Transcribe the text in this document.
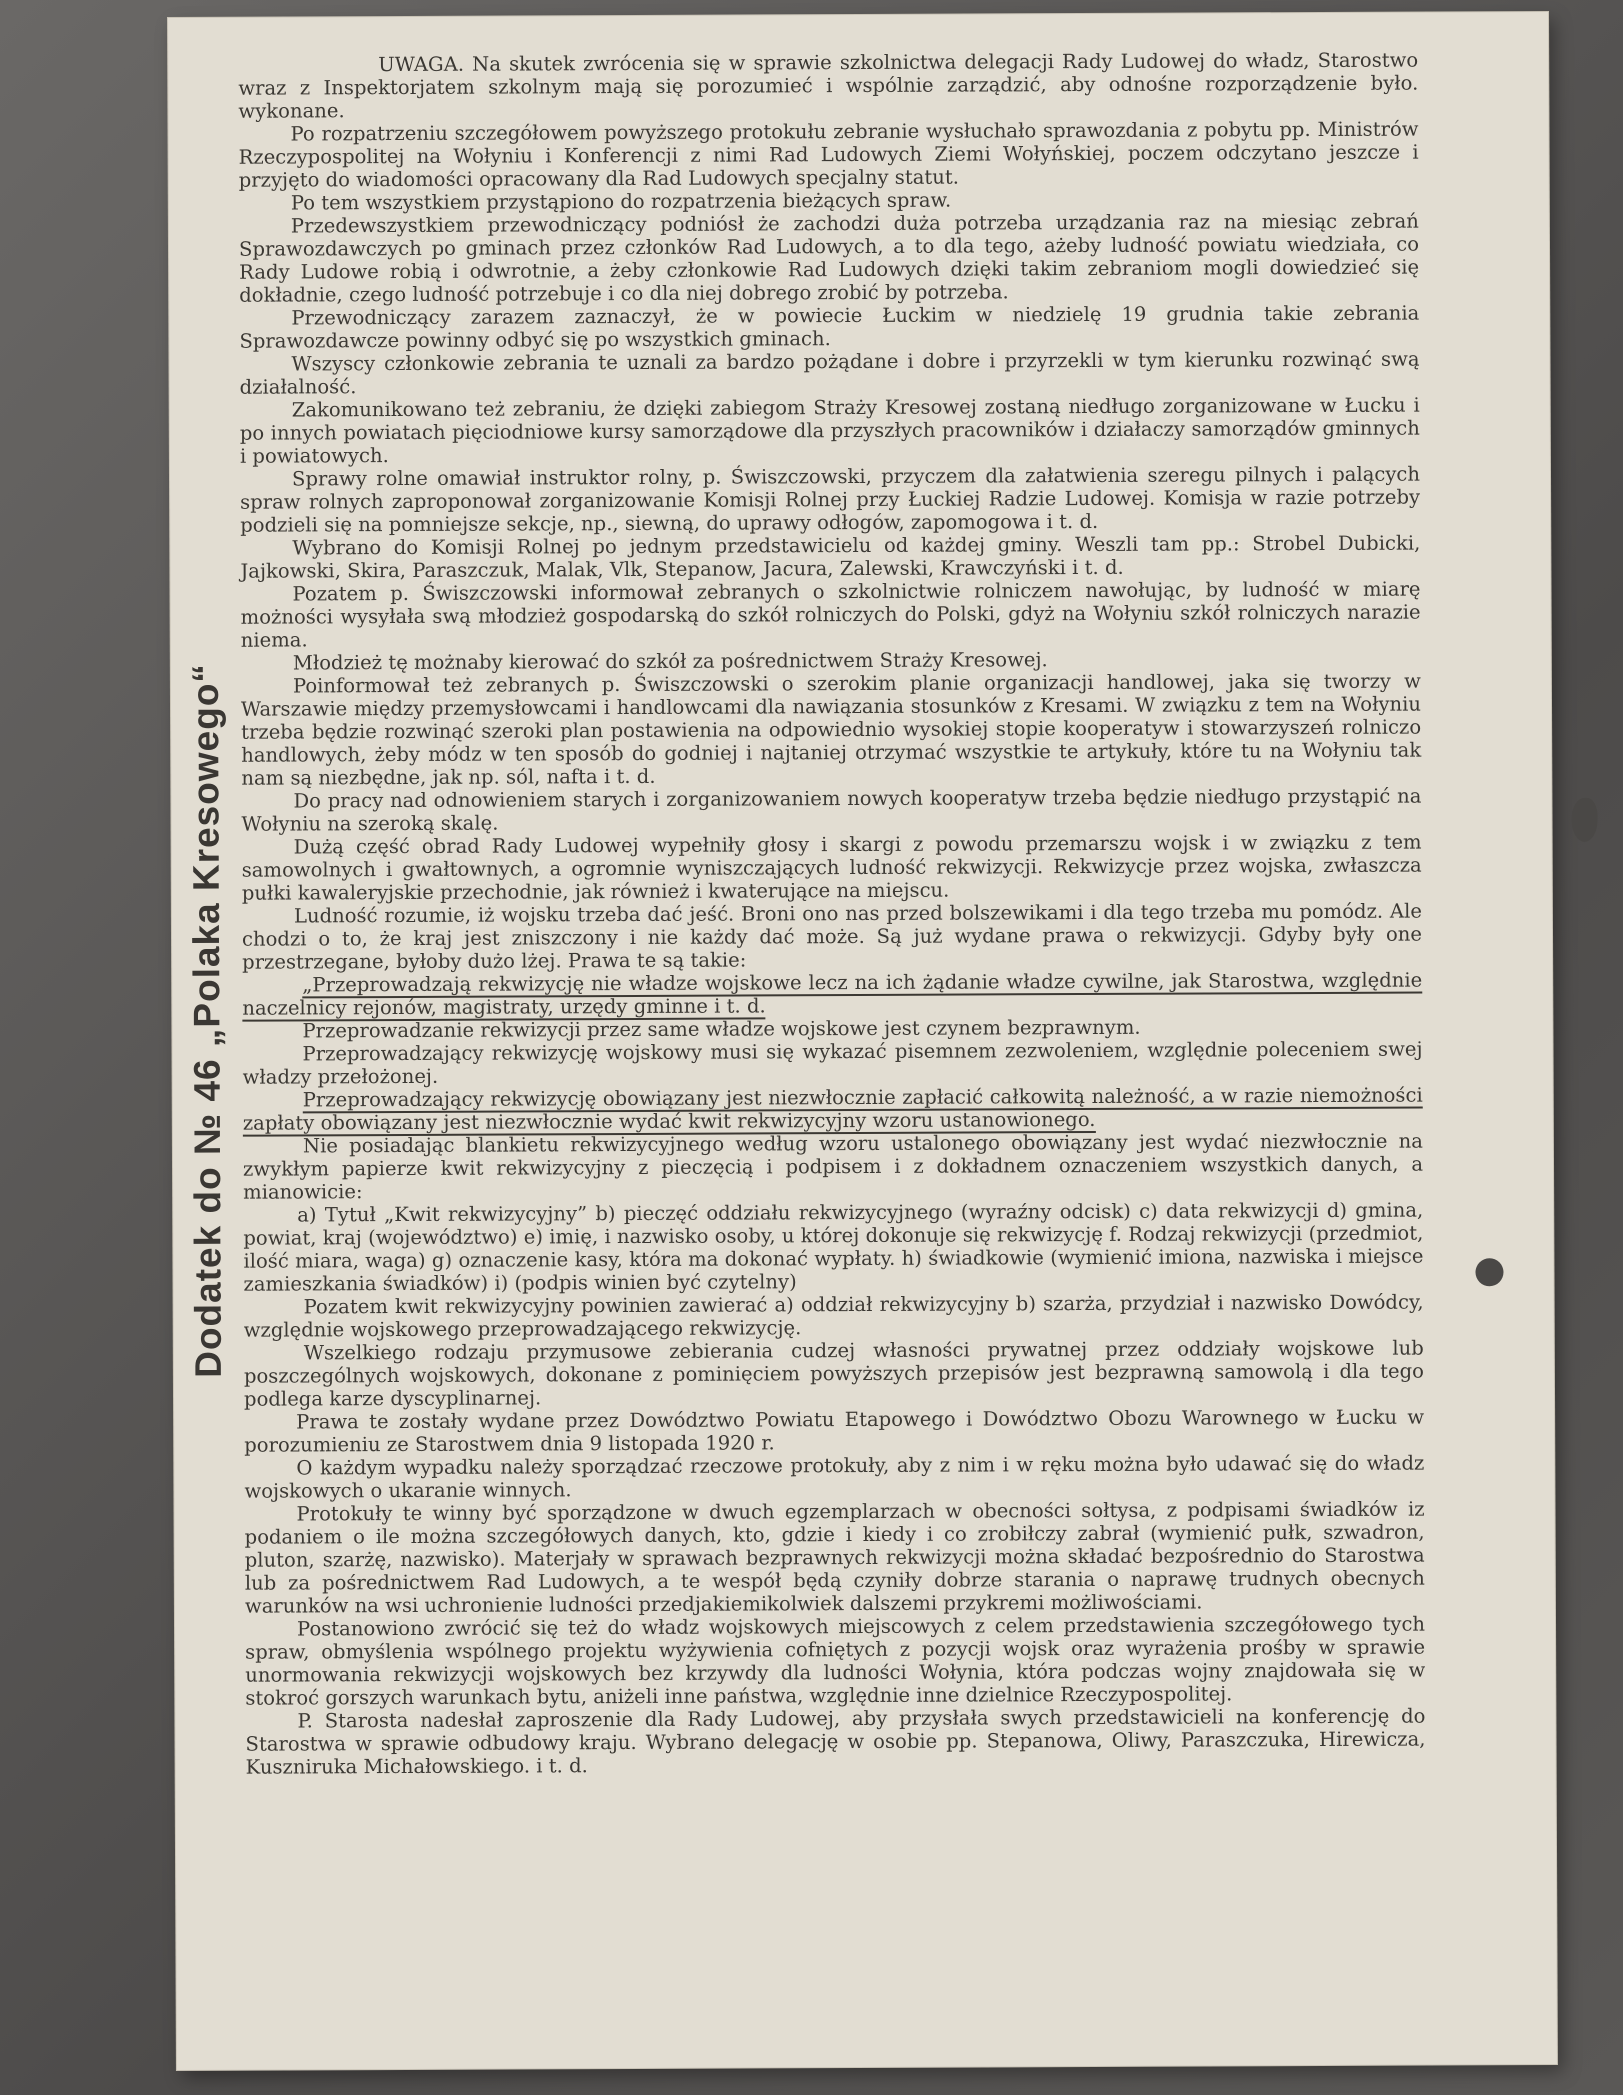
Dodatek do № 46 „Polaka Kresowego“

UWAGA. Na skutek zwrócenia się w sprawie szkolnictwa delegacji Rady Ludowej do władz, Starostwo wraz z Inspektorjatem szkolnym mają się porozumieć i wspólnie zarządzić, aby odnośne rozporządzenie było. wykonane.

Po rozpatrzeniu szczegółowem powyższego protokułu zebranie wysłuchało sprawozdania z pobytu pp. Ministrów Rzeczypospolitej na Wołyniu i Konferencji z nimi Rad Ludowych Ziemi Wołyńskiej, poczem odczytano jeszcze i przyjęto do wiadomości opracowany dla Rad Ludowych specjalny statut.

Po tem wszystkiem przystąpiono do rozpatrzenia bieżących spraw.

Przedewszystkiem przewodniczący podniósł że zachodzi duża potrzeba urządzania raz na miesiąc zebrań Sprawozdawczych po gminach przez członków Rad Ludowych, a to dla tego, ażeby ludność powiatu wiedziała, co Rady Ludowe robią i odwrotnie, a żeby członkowie Rad Ludowych dzięki takim zebraniom mogli dowiedzieć się dokładnie, czego ludność potrzebuje i co dla niej dobrego zrobić by potrzeba.

Przewodniczący zarazem zaznaczył, że w powiecie Łuckim w niedzielę 19 grudnia takie zebrania Sprawozdawcze powinny odbyć się po wszystkich gminach.

Wszyscy członkowie zebrania te uznali za bardzo pożądane i dobre i przyrzekli w tym kierunku rozwinąć swą działalność.

Zakomunikowano też zebraniu, że dzięki zabiegom Straży Kresowej zostaną niedługo zorganizowane w Łucku i po innych powiatach pięciodniowe kursy samorządowe dla przyszłych pracowników i działaczy samorządów gminnych i powiatowych.

Sprawy rolne omawiał instruktor rolny, p. Świszczowski, przyczem dla załatwienia szeregu pilnych i palących spraw rolnych zaproponował zorganizowanie Komisji Rolnej przy Łuckiej Radzie Ludowej. Komisja w razie potrzeby podzieli się na pomniejsze sekcje, np., siewną, do uprawy odłogów, zapomogowa i t. d.

Wybrano do Komisji Rolnej po jednym przedstawicielu od każdej gminy. Weszli tam pp.: Strobel Dubicki, Jajkowski, Skira, Paraszczuk, Malak, Vlk, Stepanow, Jacura, Zalewski, Krawczyński i t. d.

Pozatem p. Świszczowski informował zebranych o szkolnictwie rolniczem nawołując, by ludność w miarę możności wysyłała swą młodzież gospodarską do szkół rolniczych do Polski, gdyż na Wołyniu szkół rolniczych narazie niema.

Młodzież tę możnaby kierować do szkół za pośrednictwem Straży Kresowej.

Poinformował też zebranych p. Świszczowski o szerokim planie organizacji handlowej, jaka się tworzy w Warszawie między przemysłowcami i handlowcami dla nawiązania stosunków z Kresami. W związku z tem na Wołyniu trzeba będzie rozwinąć szeroki plan postawienia na odpowiednio wysokiej stopie kooperatyw i stowarzyszeń rolniczo handlowych, żeby módz w ten sposób do godniej i najtaniej otrzymać wszystkie te artykuły, które tu na Wołyniu tak nam są niezbędne, jak np. sól, nafta i t. d.

Do pracy nad odnowieniem starych i zorganizowaniem nowych kooperatyw trzeba będzie niedługo przystąpić na Wołyniu na szeroką skalę.

Dużą część obrad Rady Ludowej wypełniły głosy i skargi z powodu przemarszu wojsk i w związku z tem samowolnych i gwałtownych, a ogromnie wyniszczających ludność rekwizycji. Rekwizycje przez wojska, zwłaszcza pułki kawaleryjskie przechodnie, jak również i kwaterujące na miejscu.

Ludność rozumie, iż wojsku trzeba dać jeść. Broni ono nas przed bolszewikami i dla tego trzeba mu pomódz. Ale chodzi o to, że kraj jest zniszczony i nie każdy dać może. Są już wydane prawa o rekwizycji. Gdyby były one przestrzegane, byłoby dużo lżej. Prawa te są takie:

„Przeprowadzają rekwizycję nie władze wojskowe lecz na ich żądanie władze cywilne, jak Starostwa, względnie naczelnicy rejonów, magistraty, urzędy gminne i t. d.

Przeprowadzanie rekwizycji przez same władze wojskowe jest czynem bezprawnym.

Przeprowadzający rekwizycję wojskowy musi się wykazać pisemnem zezwoleniem, względnie poleceniem swej władzy przełożonej.

Przeprowadzający rekwizycję obowiązany jest niezwłocznie zapłacić całkowitą należność, a w razie niemożności zapłaty obowiązany jest niezwłocznie wydać kwit rekwizycyjny wzoru ustanowionego.

Nie posiadając blankietu rekwizycyjnego według wzoru ustalonego obowiązany jest wydać niezwłocznie na zwykłym papierze kwit rekwizycyjny z pieczęcią i podpisem i z dokładnem oznaczeniem wszystkich danych, a mianowicie:

a) Tytuł „Kwit rekwizycyjny” b) pieczęć oddziału rekwizycyjnego (wyraźny odcisk) c) data rekwizycji d) gmina, powiat, kraj (województwo) e) imię, i nazwisko osoby, u której dokonuje się rekwizycję f. Rodzaj rekwizycji (przedmiot, ilość miara, waga) g) oznaczenie kasy, która ma dokonać wypłaty. h) świadkowie (wymienić imiona, nazwiska i miejsce zamieszkania świadków) i) (podpis winien być czytelny)

Pozatem kwit rekwizycyjny powinien zawierać a) oddział rekwizycyjny b) szarża, przydział i nazwisko Dowódcy, względnie wojskowego przeprowadzającego rekwizycję.

Wszelkiego rodzaju przymusowe zebierania cudzej własności prywatnej przez oddziały wojskowe lub poszczególnych wojskowych, dokonane z pominięciem powyższych przepisów jest bezprawną samowolą i dla tego podlega karze dyscyplinarnej.

Prawa te zostały wydane przez Dowództwo Powiatu Etapowego i Dowództwo Obozu Warownego w Łucku w porozumieniu ze Starostwem dnia 9 listopada 1920 r.

O każdym wypadku należy sporządzać rzeczowe protokuły, aby z nim i w ręku można było udawać się do władz wojskowych o ukaranie winnych.

Protokuły te winny być sporządzone w dwuch egzemplarzach w obecności sołtysa, z podpisami świadków iz podaniem o ile można szczegółowych danych, kto, gdzie i kiedy i co zrobiłczy zabrał (wymienić pułk, szwadron, pluton, szarżę, nazwisko). Materjały w sprawach bezprawnych rekwizycji można składać bezpośrednio do Starostwa lub za pośrednictwem Rad Ludowych, a te wespół będą czyniły dobrze starania o naprawę trudnych obecnych warunków na wsi uchronienie ludności przedjakiemikolwiek dalszemi przykremi możliwościami.

Postanowiono zwrócić się też do władz wojskowych miejscowych z celem przedstawienia szczegółowego tych spraw, obmyślenia wspólnego projektu wyżywienia cofniętych z pozycji wojsk oraz wyrażenia prośby w sprawie unormowania rekwizycji wojskowych bez krzywdy dla ludności Wołynia, która podczas wojny znajdowała się w stokroć gorszych warunkach bytu, aniżeli inne państwa, względnie inne dzielnice Rzeczypospolitej.

P. Starosta nadesłał zaproszenie dla Rady Ludowej, aby przysłała swych przedstawicieli na konferencję do Starostwa w sprawie odbudowy kraju. Wybrano delegację w osobie pp. Stepanowa, Oliwy, Paraszczuka, Hirewicza, Kuszniruka Michałowskiego. i t. d.
